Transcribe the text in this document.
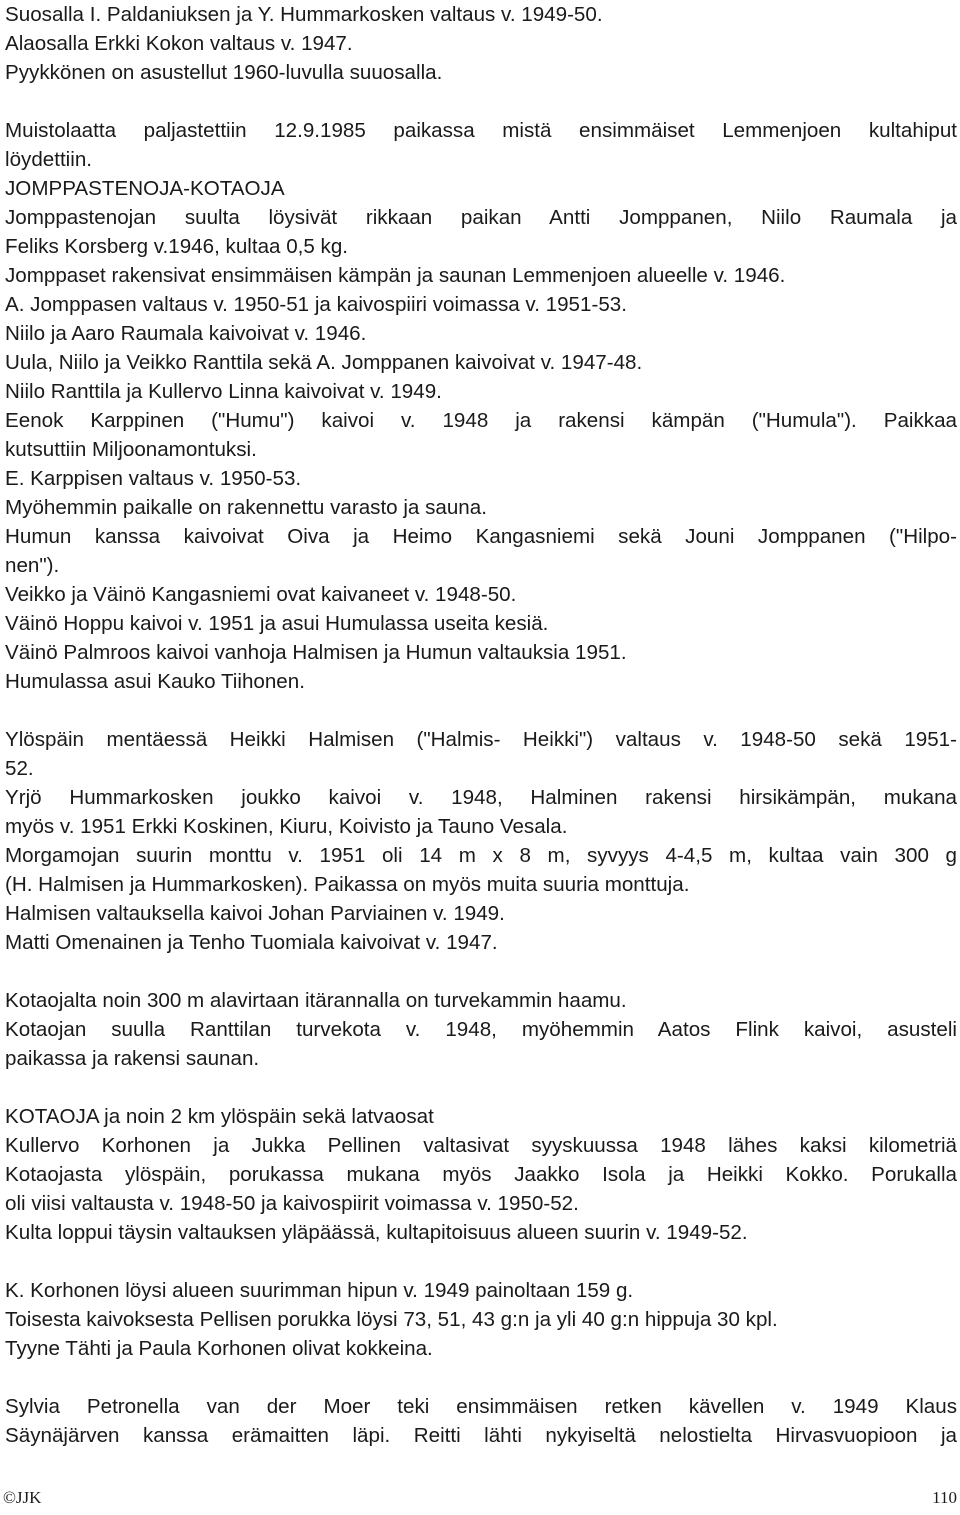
Suosalla I. Paldaniuksen ja Y. Hummarkosken valtaus v. 1949-50.
Alaosalla Erkki Kokon valtaus v. 1947.
Pyykkönen on asustellut 1960-luvulla suuosalla.
Muistolaatta paljastettiin 12.9.1985 paikassa mistä ensimmäiset Lemmenjoen kultahiput
löydettiin.
JOMPPASTENOJA-KOTAOJA
Jomppastenojan suulta löysivät rikkaan paikan Antti Jomppanen, Niilo Raumala ja
Feliks Korsberg v.1946, kultaa 0,5 kg.
Jomppaset rakensivat ensimmäisen kämpän ja saunan Lemmenjoen alueelle v. 1946.
A. Jomppasen valtaus v. 1950-51 ja kaivospiiri voimassa v. 1951-53.
Niilo ja Aaro Raumala kaivoivat v. 1946.
Uula, Niilo ja Veikko Ranttila sekä A. Jomppanen kaivoivat v. 1947-48.
Niilo Ranttila ja Kullervo Linna kaivoivat v. 1949.
Eenok Karppinen ("Humu") kaivoi v. 1948 ja rakensi kämpän ("Humula"). Paikkaa
kutsuttiin Miljoonamontuksi.
E. Karppisen valtaus v. 1950-53.
Myöhemmin paikalle on rakennettu varasto ja sauna.
Humun kanssa kaivoivat Oiva ja Heimo Kangasniemi sekä Jouni Jomppanen ("Hilpo-
nen").
Veikko ja Väinö Kangasniemi ovat kaivaneet v. 1948-50.
Väinö Hoppu kaivoi v. 1951 ja asui Humulassa useita kesiä.
Väinö Palmroos kaivoi vanhoja Halmisen ja Humun valtauksia 1951.
Humulassa asui Kauko Tiihonen.
Ylöspäin mentäessä Heikki Halmisen ("Halmis- Heikki") valtaus v. 1948-50 sekä 1951-
52.
Yrjö Hummarkosken joukko kaivoi v. 1948, Halminen rakensi hirsikämpän, mukana
myös v. 1951 Erkki Koskinen, Kiuru, Koivisto ja Tauno Vesala.
Morgamojan suurin monttu v. 1951 oli 14 m x 8 m, syvyys 4-4,5 m, kultaa vain 300 g
(H. Halmisen ja Hummarkosken). Paikassa on myös muita suuria monttuja.
Halmisen valtauksella kaivoi Johan Parviainen v. 1949.
Matti Omenainen ja Tenho Tuomiala kaivoivat v. 1947.
Kotaojalta noin 300 m alavirtaan itärannalla on turvekammin haamu.
Kotaojan suulla Ranttilan turvekota v. 1948, myöhemmin Aatos Flink kaivoi, asusteli
paikassa ja rakensi saunan.
KOTAOJA ja noin 2 km ylöspäin sekä latvaosat
Kullervo Korhonen ja Jukka Pellinen valtasivat syyskuussa 1948 lähes kaksi kilometriä
Kotaojasta ylöspäin, porukassa mukana myös Jaakko Isola ja Heikki Kokko. Porukalla
oli viisi valtausta v. 1948-50 ja kaivospiirit voimassa v. 1950-52.
Kulta loppui täysin valtauksen yläpäässä, kultapitoisuus alueen suurin v. 1949-52.
K. Korhonen löysi alueen suurimman hipun v. 1949 painoltaan 159 g.
Toisesta kaivoksesta Pellisen porukka löysi 73, 51, 43 g:n ja yli 40 g:n hippuja 30 kpl.
Tyyne Tähti ja Paula Korhonen olivat kokkeina.
Sylvia Petronella van der Moer teki ensimmäisen retken kävellen v. 1949 Klaus
Säynäjärven kanssa erämaitten läpi. Reitti lähti nykyiseltä nelostielta Hirvasvuopioon ja
©JJK	110
